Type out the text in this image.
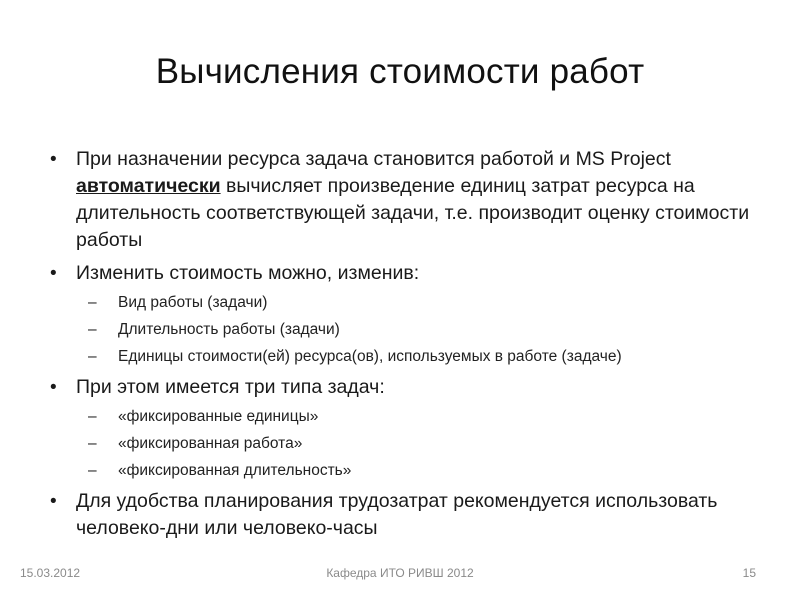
Вычисления стоимости работ
• При назначении ресурса задача становится работой и MS Project автоматически вычисляет произведение единиц затрат ресурса на длительность соответствующей задачи, т.е. производит оценку стоимости работы
• Изменить стоимость можно, изменив:
– Вид работы (задачи)
– Длительность работы (задачи)
– Единицы стоимости(ей) ресурса(ов), используемых в работе (задаче)
• При этом имеется три типа задач:
– «фиксированные единицы»
– «фиксированная работа»
– «фиксированная длительность»
• Для удобства планирования трудозатрат рекомендуется использовать человеко-дни или человеко-часы
15.03.2012	Кафедра ИТО РИВШ 2012	15
